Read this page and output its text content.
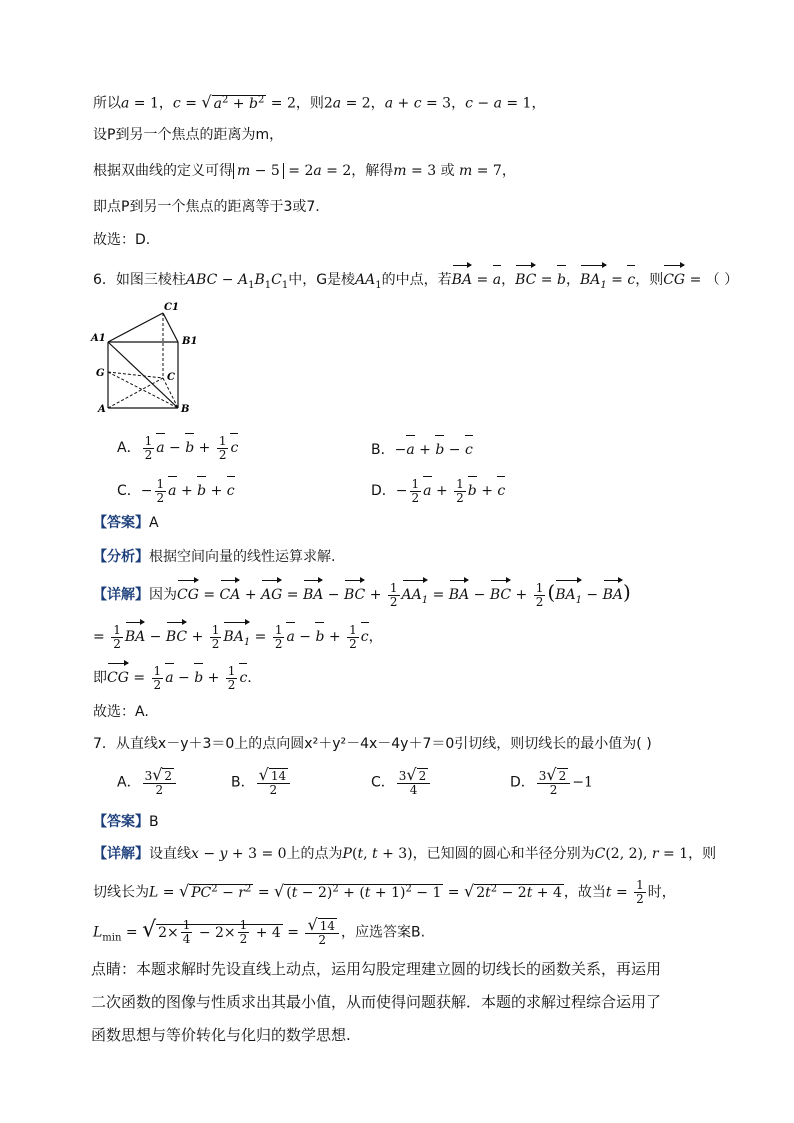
所以a = 1，c = √ $a^2 + b^2 = 2$，则2a = 2，a + c = 3，c − a = 1，
设P到另一个焦点的距离为m，
根据双曲线的定义可得 m − 5 = 2a = 2，解得m = 3 或 m = 7，
即点P到另一个焦点的距离等于3或7.
故选：D.
6．如图三棱柱ABC − $A_1B_1C_1$中，G是棱$AA_1$的中点，若BA = a，BC = b，$BA_1 = c$，则CG = （ ）
C1
A1	B1
G	C
A	B
A． $\frac{1}{2}$ $a - b + \frac{1}{2}$ c	B．−a + b − c
C．− $\frac{1}{2}$ a + b + c	D．− $\frac{1}{2}$ $a + \frac{1}{2}$ b + c
【答案】A
【分析】根据空间向量的线性运算求解.
【详解】因为CG = CA + AG = BA − BC + $\frac{1}{2} AA_1$ = BA − BC + $\frac{1}{2} (BA_1 - BA)$
= $\frac{1}{2}$ BA − BC + $\frac{1}{2} BA_1 = \frac{1}{2}$ $a - b + \frac{1}{2}$ c，
即CG = $\frac{1}{2}$ $a - b + \frac{1}{2} c$.
故选：A.
7．从直线x－y＋3＝0上的点向圆x²＋y²－4x－4y＋7＝0引切线，则切线长的最小值为( )
A． $\frac{3√ 2}{2}$	B． $\frac{√ 14}{2}$	C． $\frac{3√ 2}{4}$	D． $\frac{3√ 2}{2} -1$
【答案】B
【详解】设直线x − y + 3 = 0上的点为P(t, t + 3)，已知圆的圆心和半径分别为C(2, 2), r = 1，则
切线长为L = √ $PC^2 - r^2$ = √ $(t - 2)^2 + (t + 1)^2 - 1$ = √ $2t^2 - 2t + 4$ ，故当$t = \frac{1}{2}$ 时，
$L_{min}$ = √ $2\times \frac{1}{4} - 2\times \frac{1}{2} + 4 = \frac{√ 14}{2}$ ，应选答案B.
点睛：本题求解时先设直线上动点，运用勾股定理建立圆的切线长的函数关系，再运用
二次函数的图像与性质求出其最小值，从而使得问题获解．本题的求解过程综合运用了
函数思想与等价转化与化归的数学思想.
